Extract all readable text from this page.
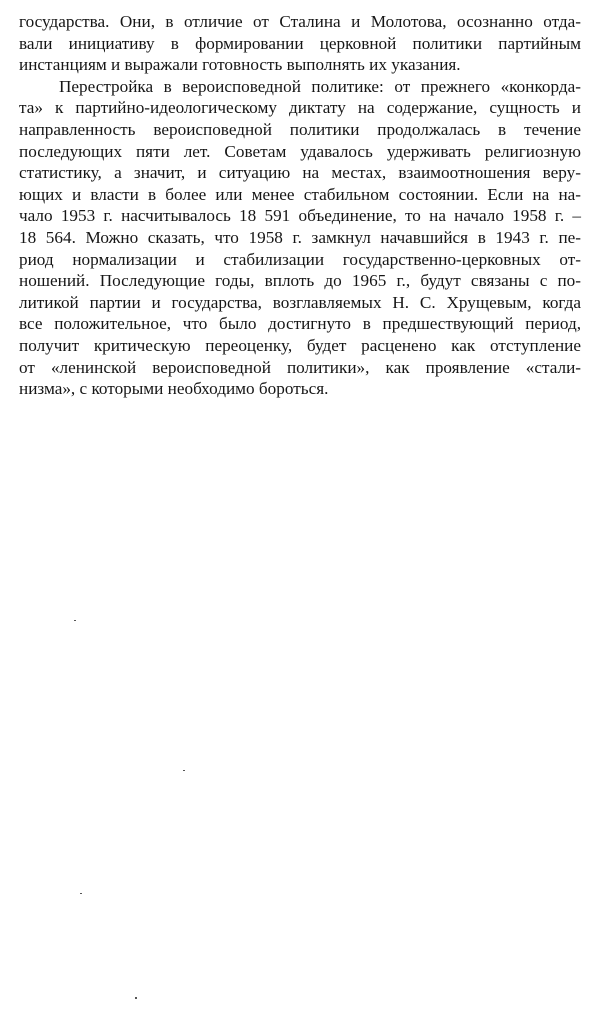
государства. Они, в отличие от Сталина и Молотова, осознанно отда-
вали инициативу в формировании церковной политики партийным
инстанциям и выражали готовность выполнять их указания.
Перестройка в вероисповедной политике: от прежнего «конкорда-
та» к партийно-идеологическому диктату на содержание, сущность и
направленность вероисповедной политики продолжалась в течение
последующих пяти лет. Советам удавалось удерживать религиозную
статистику, а значит, и ситуацию на местах, взаимоотношения веру-
ющих и власти в более или менее стабильном состоянии. Если на на-
чало 1953 г. насчитывалось 18 591 объединение, то на начало 1958 г. –
18 564. Можно сказать, что 1958 г. замкнул начавшийся в 1943 г. пе-
риод нормализации и стабилизации государственно-церковных от-
ношений. Последующие годы, вплоть до 1965 г., будут связаны с по-
литикой партии и государства, возглавляемых Н. С. Хрущевым, когда
все положительное, что было достигнуто в предшествующий период,
получит критическую переоценку, будет расценено как отступление
от «ленинской вероисповедной политики», как проявление «стали-
низма», с которыми необходимо бороться.
